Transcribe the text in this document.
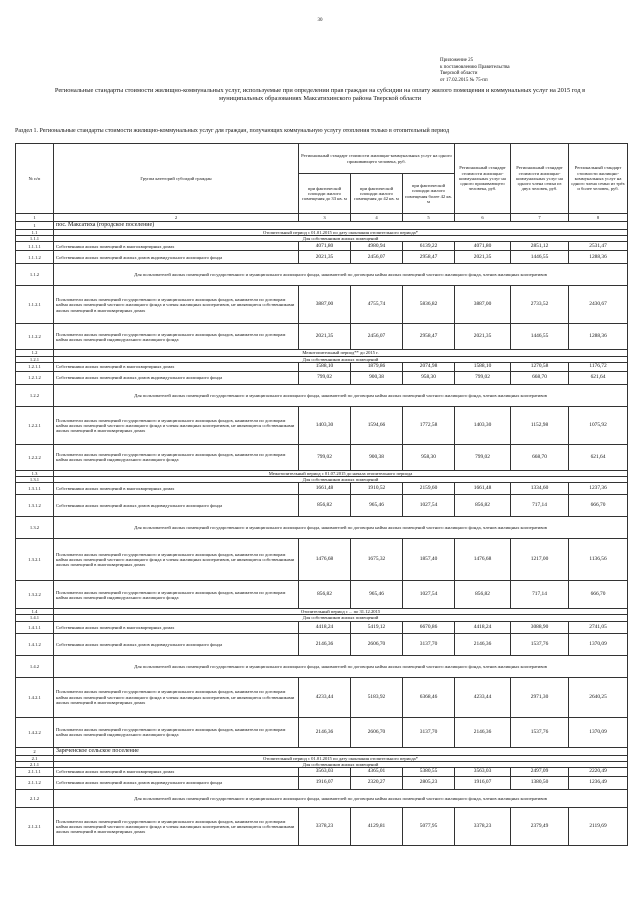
30
Приложение 25
к постановлению Правительства
Тверской области
от 17.02.2015 № 75-пп
Региональные стандарты стоимости жилищно-коммунальных услуг, используемые при определении прав граждан на субсидии на оплату жилого помещения и коммунальных услуг на 2015 год в муниципальных образованиях Максатихинского района Тверской области
Раздел 1. Региональные стандарты стоимости жилищно-коммунальных услуг для граждан, получающих коммунальную услугу отопления только в отопительный период
№ п/п	Группа категорий субсидий граждан	Региональный стандарт стоимости жилищно-коммунальных услуг на одного проживающего человека, руб.			Региональный стандарт стоимости жилищно-коммунальных услуг на одного проживающего человека, руб.	Региональный стандарт стоимости жилищно-коммунальных услуг на одного члена семьи из двух человек, руб.	Региональный стандарт стоимости жилищно-коммунальных услуг на одного члена семьи из трёх и более человек, руб.
		при фактической площади жилого помещения до 33 кв. м	при фактической площади жилого помещения до 42 кв. м	при фактической площади жилого помещения более 42 кв. м			
1	2	3	4	5	6	7	8
1	пос. Максатиха (городское поселение)						
1.1	Отопительный период с 01.01.2015 по дату окончания отопительного периода*						
1.1.1	Для собственников жилых помещений						
1.1.1.1	Собственники жилых помещений в многоквартирных домах	4071,80	4980,94	6139,22	4071,80	2851,12	2531,47
1.1.1.2	Собственники жилых помещений жилых домов индивидуального жилищного фонда	2021,35	2456,07	2958,47	2021,35	1446,55	1288,36
1.1.2	Для пользователей жилых помещений государственного и муниципального жилищного фонда, нанимателей по договорам найма жилых помещений частного жилищного фонда, членов жилищных кооперативов						
1.1.2.1	Пользователи жилых помещений государственного и муниципального жилищных фондов, наниматели по договорам найма жилых помещений частного жилищного фонда и члены жилищных кооперативов, не являющиеся собственниками жилых помещений в многоквартирных домах	3887,00	4755,74	5836,82	3887,00	2733,52	2430,67
1.1.2.2	Пользователи жилых помещений государственного и муниципального жилищных фондов, наниматели по договорам найма жилых помещений индивидуального жилищного фонда	2021,35	2456,07	2958,47	2021,35	1446,55	1288,36
1.2	Межотопительный период** до 2015 г.						
1.2.1	Для собственников жилых помещений						
1.2.1.1	Собственники жилых помещений в многоквартирных домах	1588,10	1879,86	2074,98	1588,10	1270,58	1176,72
1.2.1.2	Собственники жилых помещений жилых домов индивидуального жилищного фонда	799,02	900,38	958,30	799,02	668,70	621,64
1.2.2	Для пользователей жилых помещений государственного и муниципального жилищного фонда, нанимателей по договорам найма жилых помещений частного жилищного фонда, членов жилищных кооперативов						
1.2.2.1	Пользователи жилых помещений государственного и муниципального жилищных фондов, наниматели по договорам найма жилых помещений частного жилищного фонда и члены жилищных кооперативов, не являющиеся собственниками жилых помещений в многоквартирных домах	1403,30	1594,66	1772,58	1403,30	1152,98	1075,92
1.2.2.2	Пользователи жилых помещений государственного и муниципального жилищных фондов, наниматели по договорам найма жилых помещений индивидуального жилищного фонда	799,02	900,38	958,30	799,02	668,70	621,64
1.3	Межотопительный период с 01.07.2015 до начала отопительного периода						
1.3.1	Для собственников жилых помещений						
1.3.1.1	Собственники жилых помещений в многоквартирных домах	1661,48	1910,52	2159,60	1661,48	1334,60	1237,36
1.3.1.2	Собственники жилых помещений жилых домов индивидуального жилищного фонда	856,82	965,46	1027,54	856,82	717,14	666,70
1.3.2	Для пользователей жилых помещений государственного и муниципального жилищного фонда, нанимателей по договорам найма жилых помещений частного жилищного фонда, членов жилищных кооперативов						
1.3.2.1	Пользователи жилых помещений государственного и муниципального жилищных фондов, наниматели по договорам найма жилых помещений частного жилищного фонда и члены жилищных кооперативов, не являющиеся собственниками жилых помещений в многоквартирных домах	1476,68	1675,32	1857,40	1476,68	1217,00	1136,56
1.3.2.2	Пользователи жилых помещений государственного и муниципального жилищных фондов, наниматели по договорам найма жилых помещений индивидуального жилищного фонда	856,82	965,46	1027,54	856,82	717,14	666,70
1.4	Отопительный период с ... по 31.12.2015						
1.4.1	Для собственников жилых помещений						
1.4.1.1	Собственники жилых помещений в многоквартирных домах	4418,24	5419,12	6670,86	4418,24	3088,90	2741,05
1.4.1.2	Собственники жилых помещений жилых домов индивидуального жилищного фонда	2146,36	2606,70	3137,70	2146,36	1537,76	1370,09
1.4.2	Для пользователей жилых помещений государственного и муниципального жилищного фонда, нанимателей по договорам найма жилых помещений частного жилищного фонда, членов жилищных кооперативов						
1.4.2.1	Пользователи жилых помещений государственного и муниципального жилищных фондов, наниматели по договорам найма жилых помещений частного жилищного фонда и члены жилищных кооперативов, не являющиеся собственниками жилых помещений в многоквартирных домах	4233,44	5183,92	6368,46	4233,44	2971,30	2640,25
1.4.2.2	Пользователи жилых помещений государственного и муниципального жилищных фондов, наниматели по договорам найма жилых помещений индивидуального жилищного фонда	2146,36	2606,70	3137,70	2146,36	1537,76	1370,09
2	Зареченское сельское поселение						
2.1	Отопительный период с 01.01.2015 по дату окончания отопительного периода*						
2.1.1	Для собственников жилых помещений						
2.1.1.1	Собственники жилых помещений в многоквартирных домах	3563,03	4365,01	5380,55	3563,03	2497,09	2220,49
2.1.1.2	Собственники жилых помещений жилых домов индивидуального жилищного фонда	1916,07	2320,27	2805,23	1916,07	1380,50	1236,49
2.1.2	Для пользователей жилых помещений государственного и муниципального жилищного фонда, нанимателей по договорам найма жилых помещений частного жилищного фонда, членов жилищных кооперативов						
2.1.2.1	Пользователи жилых помещений государственного и муниципального жилищных фондов, наниматели по договорам найма жилых помещений частного жилищного фонда и члены жилищных кооперативов, не являющиеся собственниками жилых помещений в многоквартирных домах	3378,23	4129,81	5077,95	3378,23	2379,49	2119,69
